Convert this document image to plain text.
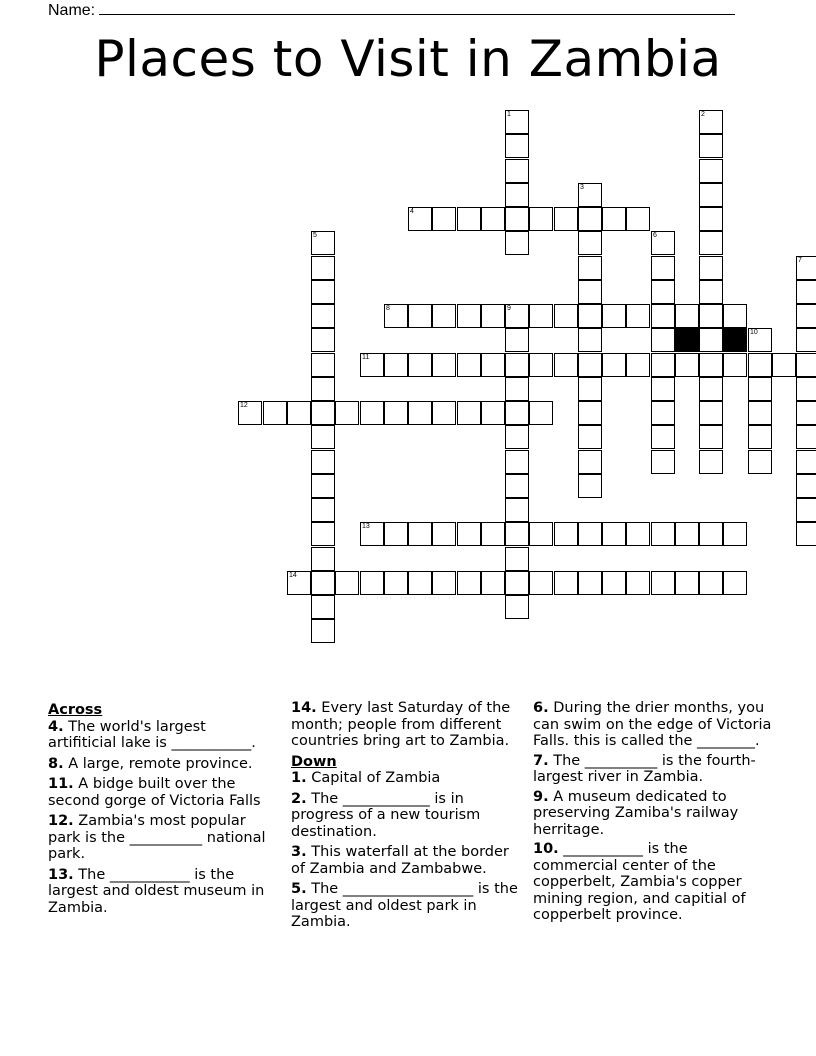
Name:
Places to Visit in Zambia
1	2
3
4
5	6
7
8	9
10
11
12
13
14
Across
4. The world's largest artifiticial lake is ___________.
8. A large, remote province.
11. A bidge built over the second gorge of Victoria Falls
12. Zambia's most popular park is the __________ national park.
13. The ___________ is the largest and oldest museum in Zambia.
14. Every last Saturday of the month; people from different countries bring art to Zambia.
Down
1. Capital of Zambia
2. The ____________ is in progress of a new tourism destination.
3. This waterfall at the border of Zambia and Zambabwe.
5. The __________________ is the largest and oldest park in Zambia.
6. During the drier months, you can swim on the edge of Victoria Falls. this is called the ________.
7. The __________ is the fourth-largest river in Zambia.
9. A museum dedicated to preserving Zamiba's railway herritage.
10. ___________ is the commercial center of the copperbelt, Zambia's copper mining region, and capitial of copperbelt province.
